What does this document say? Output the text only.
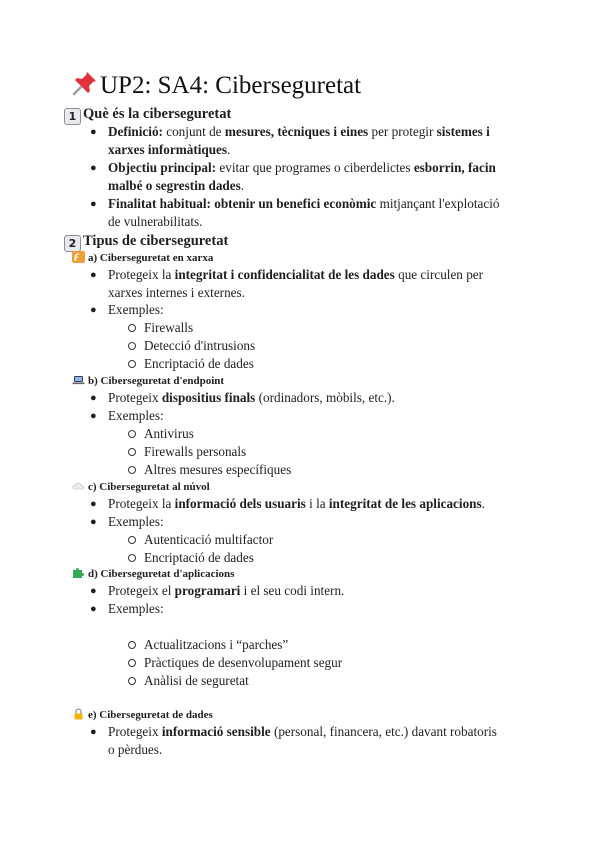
UP2: SA4: Ciberseguretat
1 Què és la ciberseguretat
● Definició: conjunt de mesures, tècniques i eines per protegir sistemes i
xarxes informàtiques.
● Objectiu principal: evitar que programes o ciberdelictes esborrin, facin
malbé o segrestin dades.
● Finalitat habitual: obtenir un benefici econòmic mitjançant l'explotació
de vulnerabilitats.
2 Tipus de ciberseguretat
a) Ciberseguretat en xarxa
● Protegeix la integritat i confidencialitat de les dades que circulen per
xarxes internes i externes.
● Exemples:
Firewalls
Detecció d'intrusions
Encriptació de dades
b) Ciberseguretat d'endpoint
● Protegeix dispositius finals (ordinadors, mòbils, etc.).
● Exemples:
Antivirus
Firewalls personals
Altres mesures específiques
c) Ciberseguretat al núvol
● Protegeix la informació dels usuaris i la integritat de les aplicacions.
● Exemples:
Autenticació multifactor
Encriptació de dades
d) Ciberseguretat d'aplicacions
● Protegeix el programari i el seu codi intern.
● Exemples:
Actualitzacions i “parches”
Pràctiques de desenvolupament segur
Anàlisi de seguretat
e) Ciberseguretat de dades
● Protegeix informació sensible (personal, financera, etc.) davant robatoris
o pèrdues.
